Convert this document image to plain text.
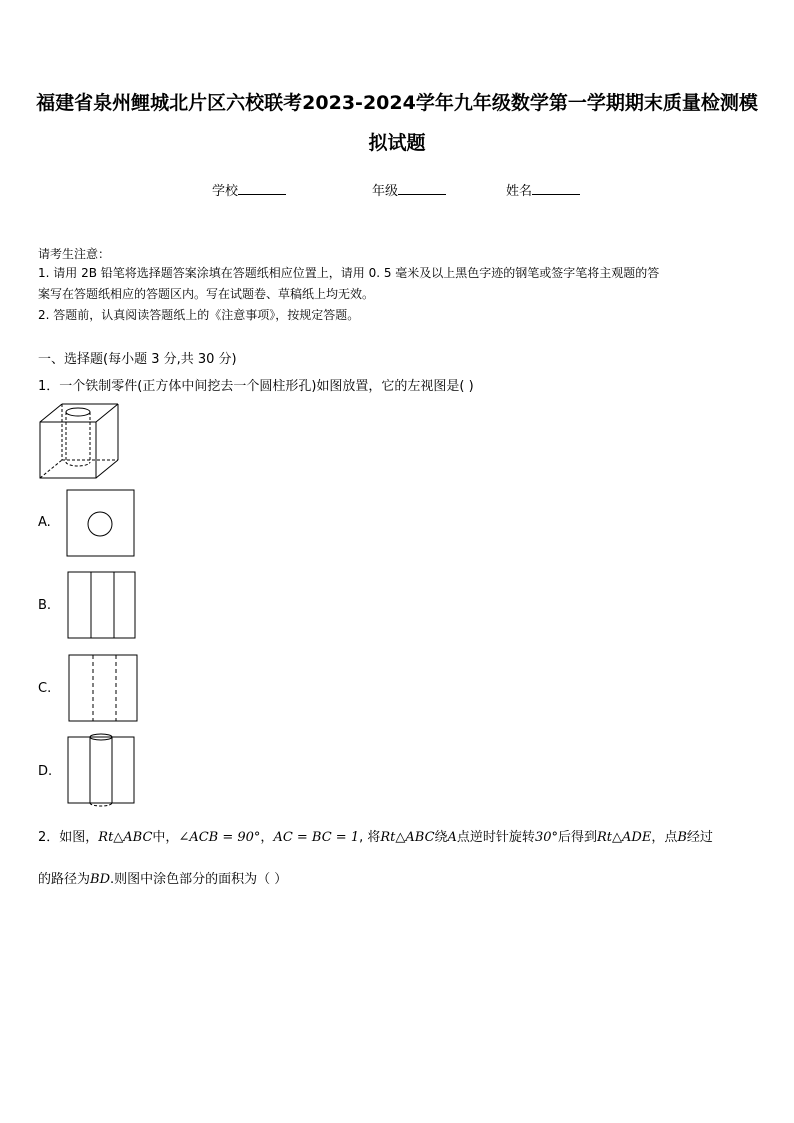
福建省泉州鲤城北片区六校联考2023-2024学年九年级数学第一学期期末质量检测模
拟试题
学校	年级	姓名
请考生注意：
1. 请用 2B 铅笔将选择题答案涂填在答题纸相应位置上，请用 0. 5 毫米及以上黑色字迹的钢笔或签字笔将主观题的答
案写在答题纸相应的答题区内。写在试题卷、草稿纸上均无效。
2. 答题前，认真阅读答题纸上的《注意事项》，按规定答题。
一、选择题(每小题 3 分,共 30 分)
1．一个铁制零件(正方体中间挖去一个圆柱形孔)如图放置，它的左视图是( )
A.
B.
C.
D.
2．如图，Rt△ABC中，∠ACB = 90°，AC = BC = 1, 将Rt△ABC绕A点逆时针旋转30°后得到Rt△ADE，点B经过
的路径为BD.则图中涂色部分的面积为（ ）
